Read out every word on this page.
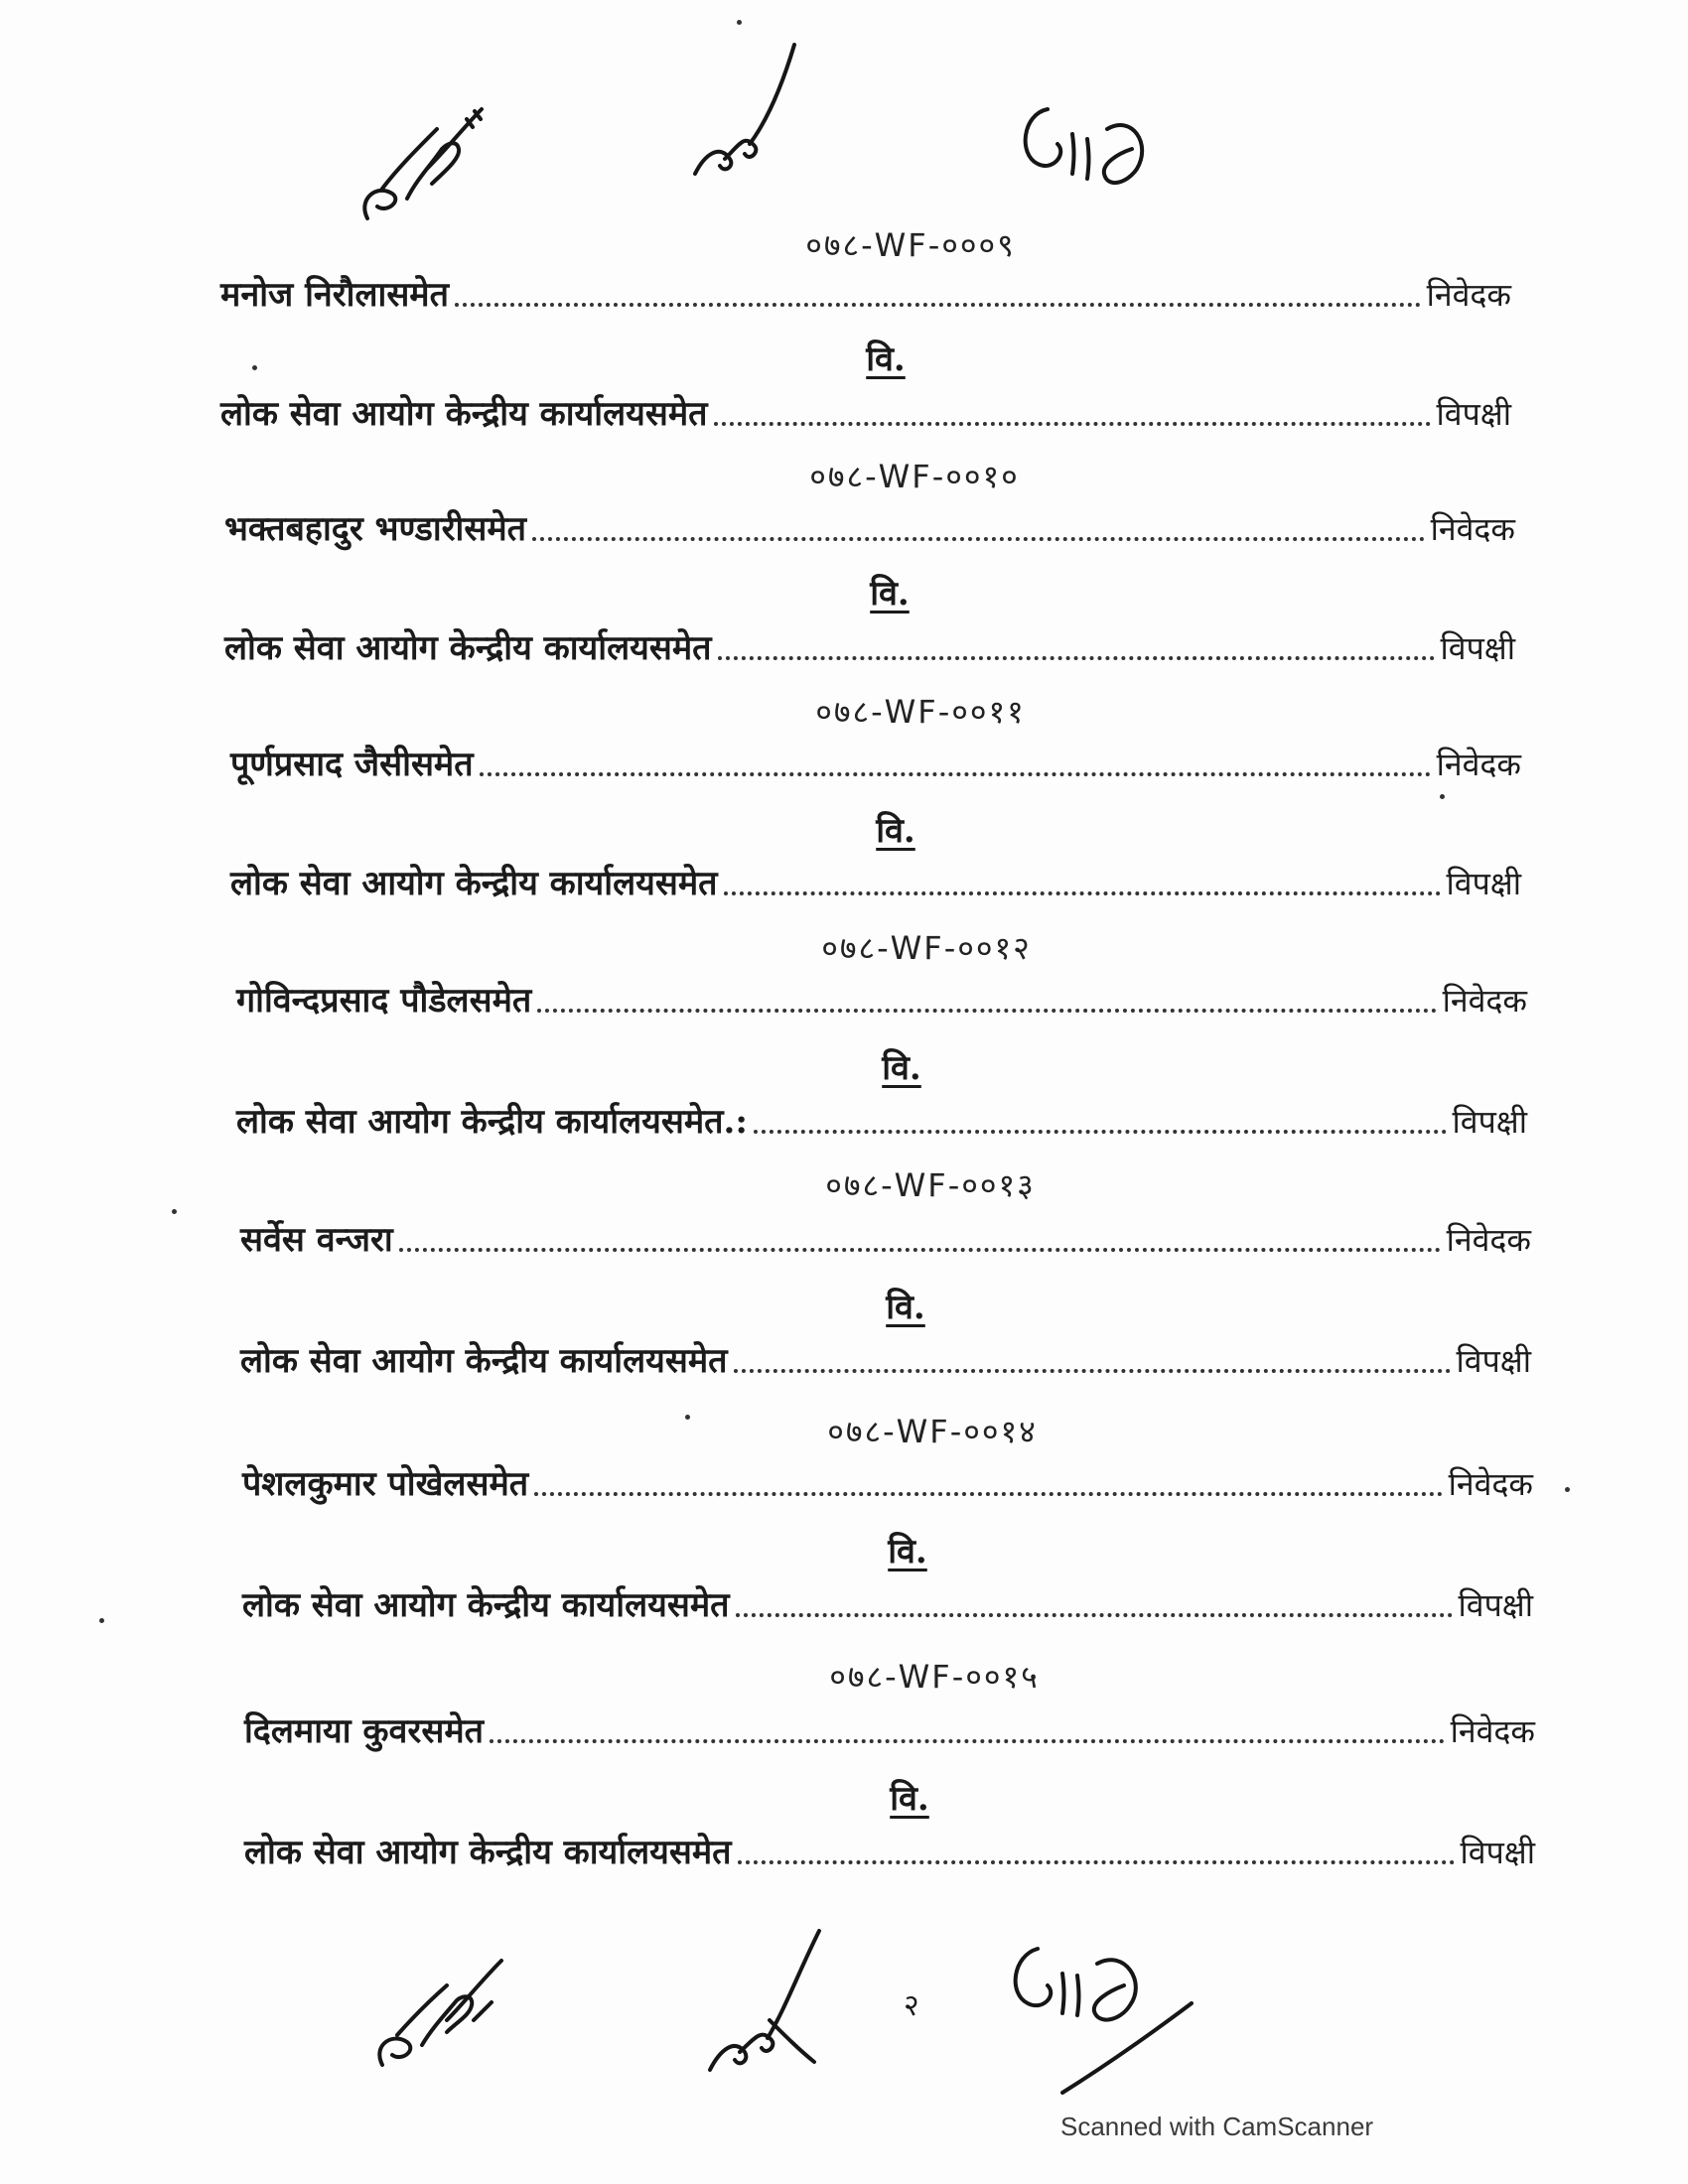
०७८-WF-०००९
मनोज निरौलासमेत	निवेदक
वि.
लोक सेवा आयोग केन्द्रीय कार्यालयसमेत	विपक्षी
०७८-WF-००१०
भक्तबहादुर भण्डारीसमेत	निवेदक
वि.
लोक सेवा आयोग केन्द्रीय कार्यालयसमेत	विपक्षी
०७८-WF-००११
पूर्णप्रसाद जैसीसमेत	निवेदक
वि.
लोक सेवा आयोग केन्द्रीय कार्यालयसमेत	विपक्षी
०७८-WF-००१२
गोविन्दप्रसाद पौडेलसमेत	निवेदक
वि.
लोक सेवा आयोग केन्द्रीय कार्यालयसमेत.:	विपक्षी
०७८-WF-००१३
सर्वेस वन्जरा	निवेदक
वि.
लोक सेवा आयोग केन्द्रीय कार्यालयसमेत	विपक्षी
०७८-WF-००१४
पेशलकुमार पोखेलसमेत	निवेदक
वि.
लोक सेवा आयोग केन्द्रीय कार्यालयसमेत	विपक्षी
०७८-WF-००१५
दिलमाया कुवरसमेत	निवेदक
वि.
लोक सेवा आयोग केन्द्रीय कार्यालयसमेत	विपक्षी
२
Scanned with CamScanner
